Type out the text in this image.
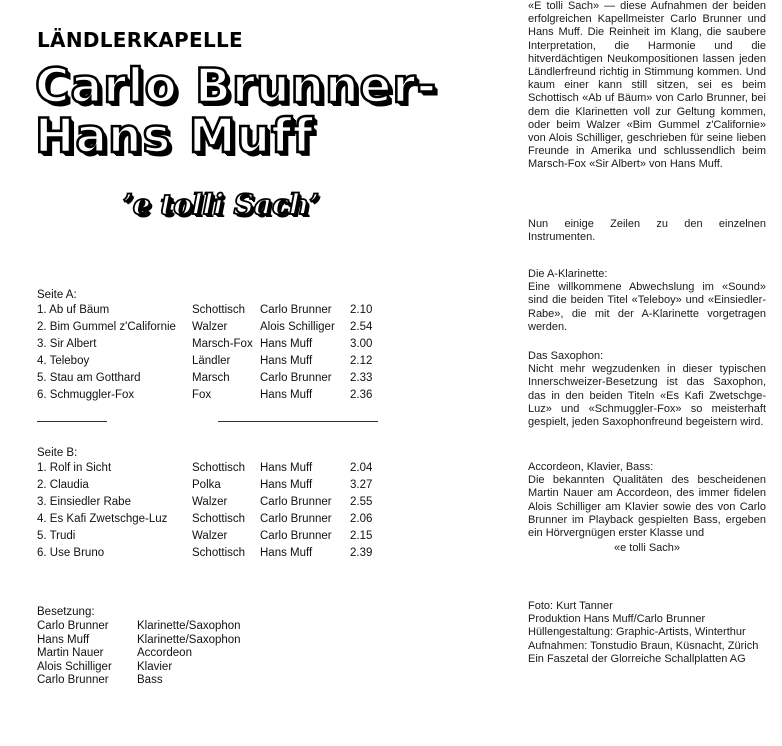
LÄNDLERKAPELLE
Carlo Brunner-
Hans Muff
’e tolli Sach’
Seite A:
1. Ab uf Bäum	Schottisch Carlo Brunner 2.10
2. Bim Gummel z'Californie	Walzer	Alois Schilliger 2.54
3. Sir Albert	Marsch-Fox Hans Muff	3.00
4. Teleboy	Ländler	Hans Muff	2.12
5. Stau am Gotthard	Marsch	Carlo Brunner 2.33
6. Schmuggler-Fox	Fox	Hans Muff	2.36
Seite B:
1. Rolf in Sicht	Schottisch Hans Muff	2.04
2. Claudia	Polka	Hans Muff	3.27
3. Einsiedler Rabe	Walzer	Carlo Brunner 2.55
4. Es Kafi Zwetschge-Luz	Schottisch Carlo Brunner 2.06
5. Trudi	Walzer	Carlo Brunner 2.15
6. Üse Bruno	Schottisch Hans Muff	2.39
Besetzung:
Carlo Brunner Klarinette/Saxophon
Hans Muff	Klarinette/Saxophon
Martin Nauer	Accordeon
Alois Schilliger Klavier
Carlo Brunner Bass

«E tolli Sach» — diese Aufnahmen der beiden erfolgreichen Kapellmeister Carlo Brunner und Hans Muff. Die Reinheit im Klang, die saubere Interpretation, die Harmonie und die hitverdächtigen Neukompositionen lassen jeden Ländlerfreund richtig in Stimmung kommen. Und kaum einer kann still sitzen, sei es beim Schottisch «Ab uf Bäum» von Carlo Brunner, bei dem die Klarinetten voll zur Geltung kommen, oder beim Walzer «Bim Gummel z'Californie» von Alois Schilliger, geschrieben für seine lieben Freunde in Amerika und schlussendlich beim Marsch-Fox «Sir Albert» von Hans Muff.

Nun einige Zeilen zu den einzelnen Instrumenten.

Die A-Klarinette:

Eine willkommene Abwechslung im «Sound» sind die beiden Titel «Teleboy» und «Einsiedler-Rabe», die mit der A-Klarinette vorgetragen werden.

Das Saxophon:

Nicht mehr wegzudenken in dieser typischen Innerschweizer-Besetzung ist das Saxophon, das in den beiden Titeln «Es Kafi Zwetschge-Luz» und «Schmuggler-Fox» so meisterhaft gespielt, jeden Saxophonfreund begeistern wird.

Accordeon, Klavier, Bass:

Die bekannten Qualitäten des bescheidenen Martin Nauer am Accordeon, des immer fidelen Alois Schilliger am Klavier sowie des von Carlo Brunner im Playback gespielten Bass, ergeben ein Hörvergnügen erster Klasse und

«e tolli Sach»

Foto: Kurt Tanner

Produktion Hans Muff/Carlo Brunner

Hüllengestaltung: Graphic-Artists, Winterthur

Aufnahmen: Tonstudio Braun, Küsnacht, Zürich

Ein Faszetal der Glorreiche Schallplatten AG
